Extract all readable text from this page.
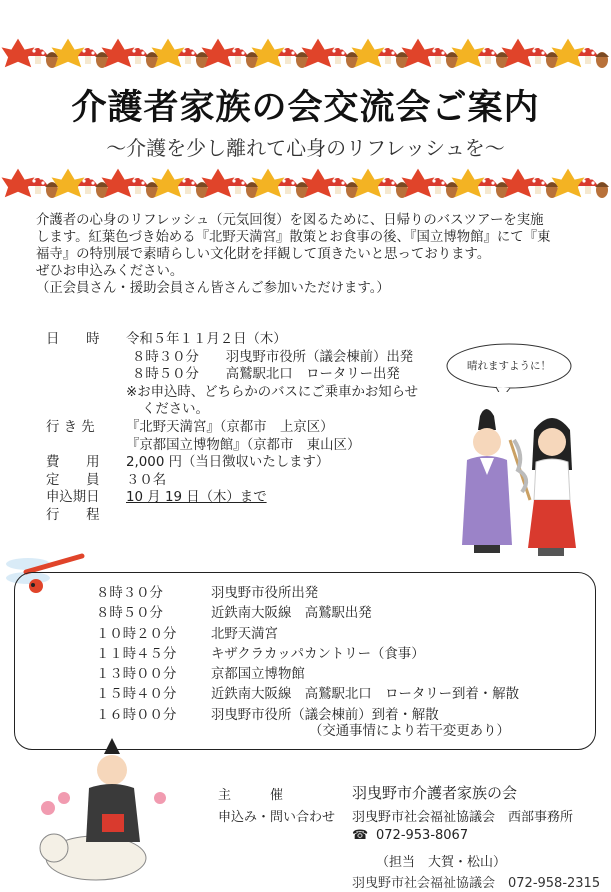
介護者家族の会交流会ご案内
～介護を少し離れて心身のリフレッシュを～

介護者の心身のリフレッシュ（元気回復）を図るために、日帰りのバスツアーを実施

します。紅葉色づき始める『北野天満宮』散策とお食事の後、『国立博物館』にて『東

福寺』の特別展で素晴らしい文化財を拝観して頂きたいと思っております。

ぜひお申込みください。

（正会員さん・援助会員さん皆さんご参加いただけます。）

日　　時	令和５年１１月２日（木）
８時３０分　　羽曳野市役所（議会棟前）出発
８時５０分　　高鷲駅北口　ロータリー出発
※お申込時、どちらかのバスにご乗車かお知らせ
ください。
行 き 先	『北野天満宮』（京都市　上京区）
『京都国立博物館』（京都市　東山区）
費　　用	2,000 円（当日徴収いたします）
定　　員	３０名
申込期日	10 月 19 日（木）まで
行　　程
晴れますように！
８時３０分	羽曳野市役所出発
８時５０分	近鉄南大阪線　高鷲駅出発
１０時２０分	北野天満宮
１１時４５分	キザクラカッパカントリー（食事）
１３時００分	京都国立博物館
１５時４０分	近鉄南大阪線　高鷲駅北口　ロータリー到着・解散
１６時００分	羽曳野市役所（議会棟前）到着・解散
（交通事情により若干変更あり）
主　　　催	羽曳野市介護者家族の会
申込み・問い合わせ 羽曳野市社会福祉協議会　西部事務所
☎ 072-953-8067
（担当　大賀・松山）
羽曳野市社会福祉協議会　072-958-2315
